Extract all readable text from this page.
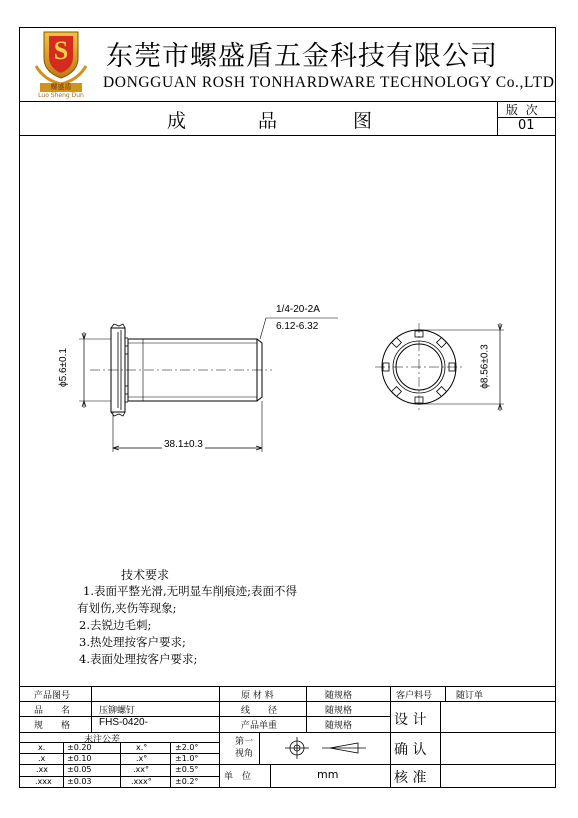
S
螺盛盾
Luo Sheng Dun
东莞市螺盛盾五金科技有限公司
DONGGUAN ROSH TONHARDWARE TECHNOLOGY Co.,LTD
成	品	图	版  次
01
1/4-20-2A
6.12-6.32
38.1±0.3
ϕ5.6±0.1	ϕ8.56±0.3
技术要求
1.表面平整光滑,无明显车削痕迹;表面不得
有划伤,夹伤等现象;
2.去锐边毛刺;
3.热处理按客户要求;
4.表面处理按客户要求;
产品图号
品　　名	压铆螺钉
规　　格	FHS-0420-
原 材 料	随规格
线　　径	随规格
产品单重	随规格
客户料号	随订单
设 计
确 认
核 准
未注公差
x.	±0.20	x.°	±2.0°
.x	±0.10	.x°	±1.0°
.xx ±0.05	.xx°	±0.5°
.xxx ±0.03	.xxx°	±0.2°
第一视角
单　位	mm
